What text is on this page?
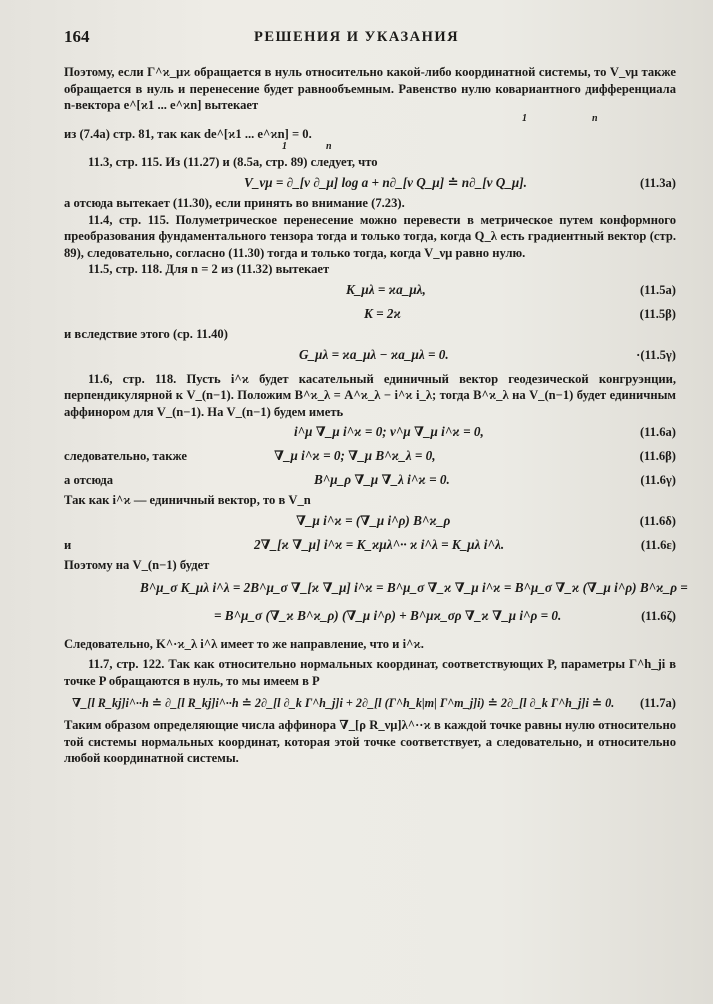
164	РЕШЕНИЯ И УКАЗАНИЯ

Поэтому, если Γ^ϰ_μϰ обращается в нуль относительно какой-либо координатной системы, то V_νμ также обращается в нуль и перенесение будет равнообъемным. Равенство нулю ковариантного дифференциала n-вектора e^[ϰ1 ... e^ϰn] вытекает

1	n

из (7.4a) стр. 81, так как de^[ϰ1 ... e^ϰn] = 0.

1	n

11.3, стр. 115. Из (11.27) и (8.5a, стр. 89) следует, что

V_νμ = ∂_[ν ∂_μ] log a + n∂_[ν Q_μ] ≐ n∂_[ν Q_μ].	(11.3a)

а отсюда вытекает (11.30), если принять во внимание (7.23).

11.4, стр. 115. Полуметрическое перенесение можно перевести в метрическое путем конформного преобразования фундаментального тензора тогда и только тогда, когда Q_λ есть градиентный вектор (стр. 89), следовательно, согласно (11.30) тогда и только тогда, когда V_νμ равно нулю.

11.5, стр. 118. Для n = 2 из (11.32) вытекает

K_μλ = ϰa_μλ,	(11.5a)
K = 2ϰ	(11.5β)

и вследствие этого (ср. 11.40)

G_μλ = ϰa_μλ − ϰa_μλ = 0.	·(11.5γ)

11.6, стр. 118. Пусть i^ϰ будет касательный единичный вектор геодезической конгруэнции, перпендикулярной к V_(n−1). Положим B^ϰ_λ = A^ϰ_λ − i^ϰ i_λ; тогда B^ϰ_λ на V_(n−1) будет единичным аффинором для V_(n−1). На V_(n−1) будем иметь

i^μ ∇_μ i^ϰ = 0; v^μ ∇_μ i^ϰ = 0,	(11.6a)
следовательно, также	∇_μ i^ϰ = 0; ∇_μ B^ϰ_λ = 0,	(11.6β)
а отсюда	B^μ_ρ ∇_μ ∇_λ i^ϰ = 0.	(11.6γ)

Так как i^ϰ — единичный вектор, то в V_n

∇_μ i^ϰ = (∇_μ i^ρ) B^ϰ_ρ	(11.6δ)
и	2∇_[ϰ ∇_μ] i^ϰ = K_ϰμλ^·· ϰ i^λ = K_μλ i^λ.	(11.6ε)

Поэтому на V_(n−1) будет

B^μ_σ K_μλ i^λ = 2B^μ_σ ∇_[ϰ ∇_μ] i^ϰ = B^μ_σ ∇_ϰ ∇_μ i^ϰ = B^μ_σ ∇_ϰ (∇_μ i^ρ) B^ϰ_ρ =
= B^μ_σ (∇_ϰ B^ϰ_ρ) (∇_μ i^ρ) + B^μϰ_σρ ∇_ϰ ∇_μ i^ρ = 0.	(11.6ζ)

Следовательно, K^·ϰ_λ i^λ имеет то же направление, что и i^ϰ.

11.7, стр. 122. Так как относительно нормальных координат, соответствующих P, параметры Γ^h_ji в точке P обращаются в нуль, то мы имеем в P

∇_[l R_kj]i^··h ≐ ∂_[l R_kj]i^··h ≐ 2∂_[l ∂_k Γ^h_j]i + 2∂_[l (Γ^h_k|m| Γ^m_j]i) ≐ 2∂_[l ∂_k Γ^h_j]i ≐ 0. (11.7a)

Таким образом определяющие числа аффинора ∇_[ρ R_νμ]λ^··ϰ в каждой точке равны нулю относительно той системы нормальных координат, которая этой точке соответствует, а следовательно, и относительно любой координатной системы.
